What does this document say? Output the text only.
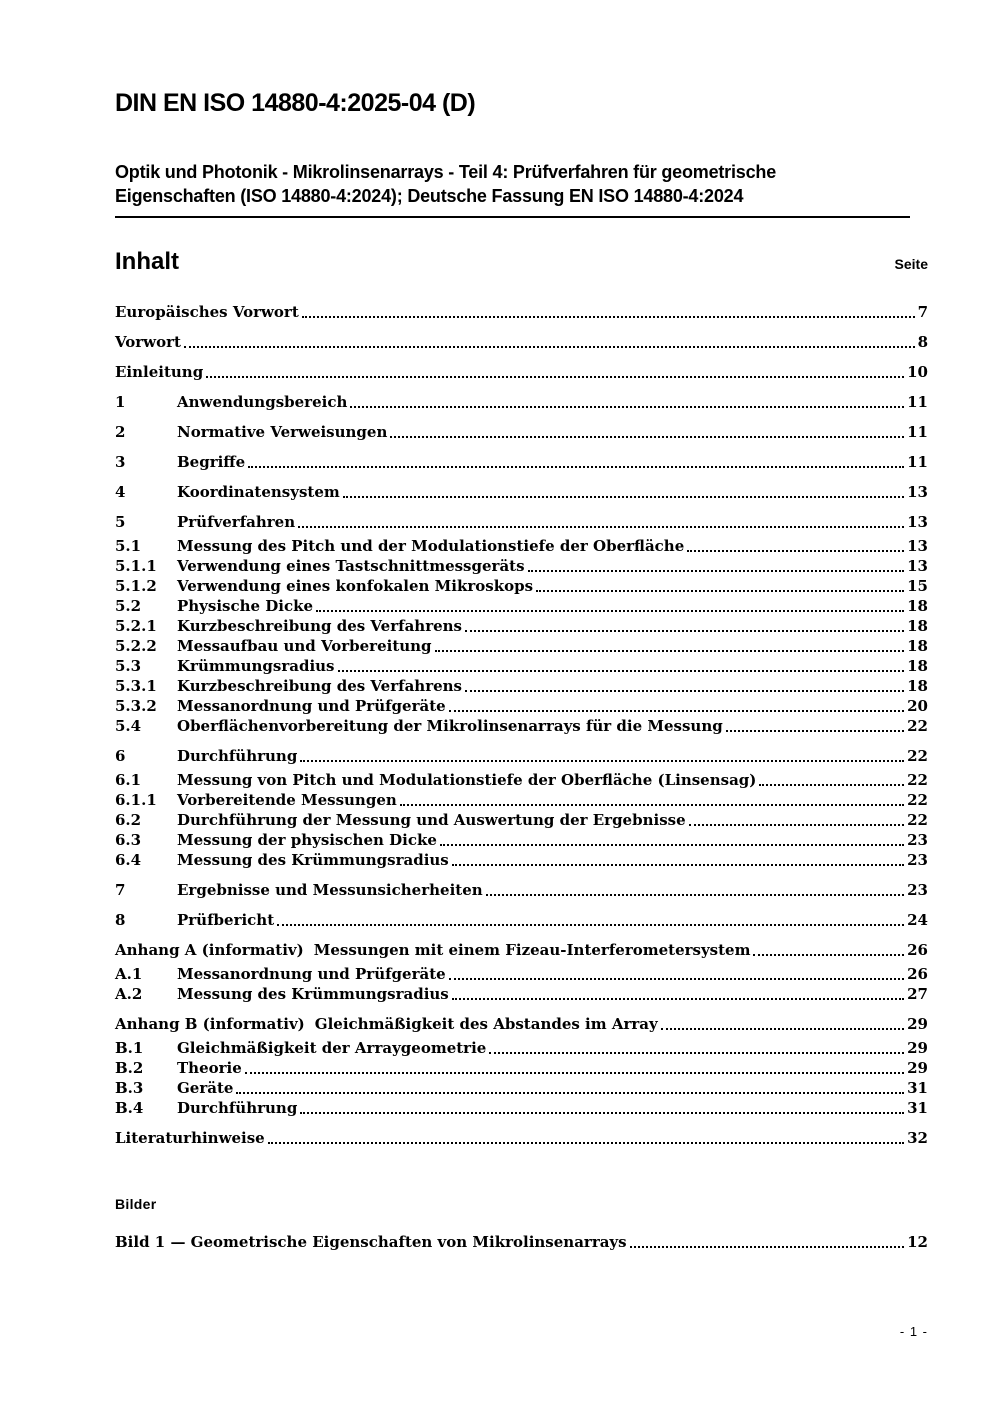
DIN EN ISO 14880-4:2025-04 (D)
Optik und Photonik - Mikrolinsenarrays - Teil 4: Prüfverfahren für geometrische
Eigenschaften (ISO 14880-4:2024); Deutsche Fassung EN ISO 14880-4:2024
Inhalt	Seite
Europäisches Vorwort	7
Vorwort	8
Einleitung	10
1	Anwendungsbereich	11
2	Normative Verweisungen	11
3	Begriffe	11
4	Koordinatensystem	13
5	Prüfverfahren	13
5.1	Messung des Pitch und der Modulationstiefe der Oberfläche	13
5.1.1	Verwendung eines Tastschnittmessgeräts	13
5.1.2	Verwendung eines konfokalen Mikroskops	15
5.2	Physische Dicke	18
5.2.1	Kurzbeschreibung des Verfahrens	18
5.2.2	Messaufbau und Vorbereitung	18
5.3	Krümmungsradius	18
5.3.1	Kurzbeschreibung des Verfahrens	18
5.3.2	Messanordnung und Prüfgeräte	20
5.4	Oberflächenvorbereitung der Mikrolinsenarrays für die Messung	22
6	Durchführung	22
6.1	Messung von Pitch und Modulationstiefe der Oberfläche (Linsensag)	22
6.1.1	Vorbereitende Messungen	22
6.2	Durchführung der Messung und Auswertung der Ergebnisse	22
6.3	Messung der physischen Dicke	23
6.4	Messung des Krümmungsradius	23
7	Ergebnisse und Messunsicherheiten	23
8	Prüfbericht	24
Anhang A (informativ) Messungen mit einem Fizeau-Interferometersystem	26
A.1	Messanordnung und Prüfgeräte	26
A.2	Messung des Krümmungsradius	27
Anhang B (informativ) Gleichmäßigkeit des Abstandes im Array	29
B.1	Gleichmäßigkeit der Arraygeometrie	29
B.2	Theorie	29
B.3	Geräte	31
B.4	Durchführung	31
Literaturhinweise	32
Bilder
Bild 1 — Geometrische Eigenschaften von Mikrolinsenarrays	12
- 1 -
